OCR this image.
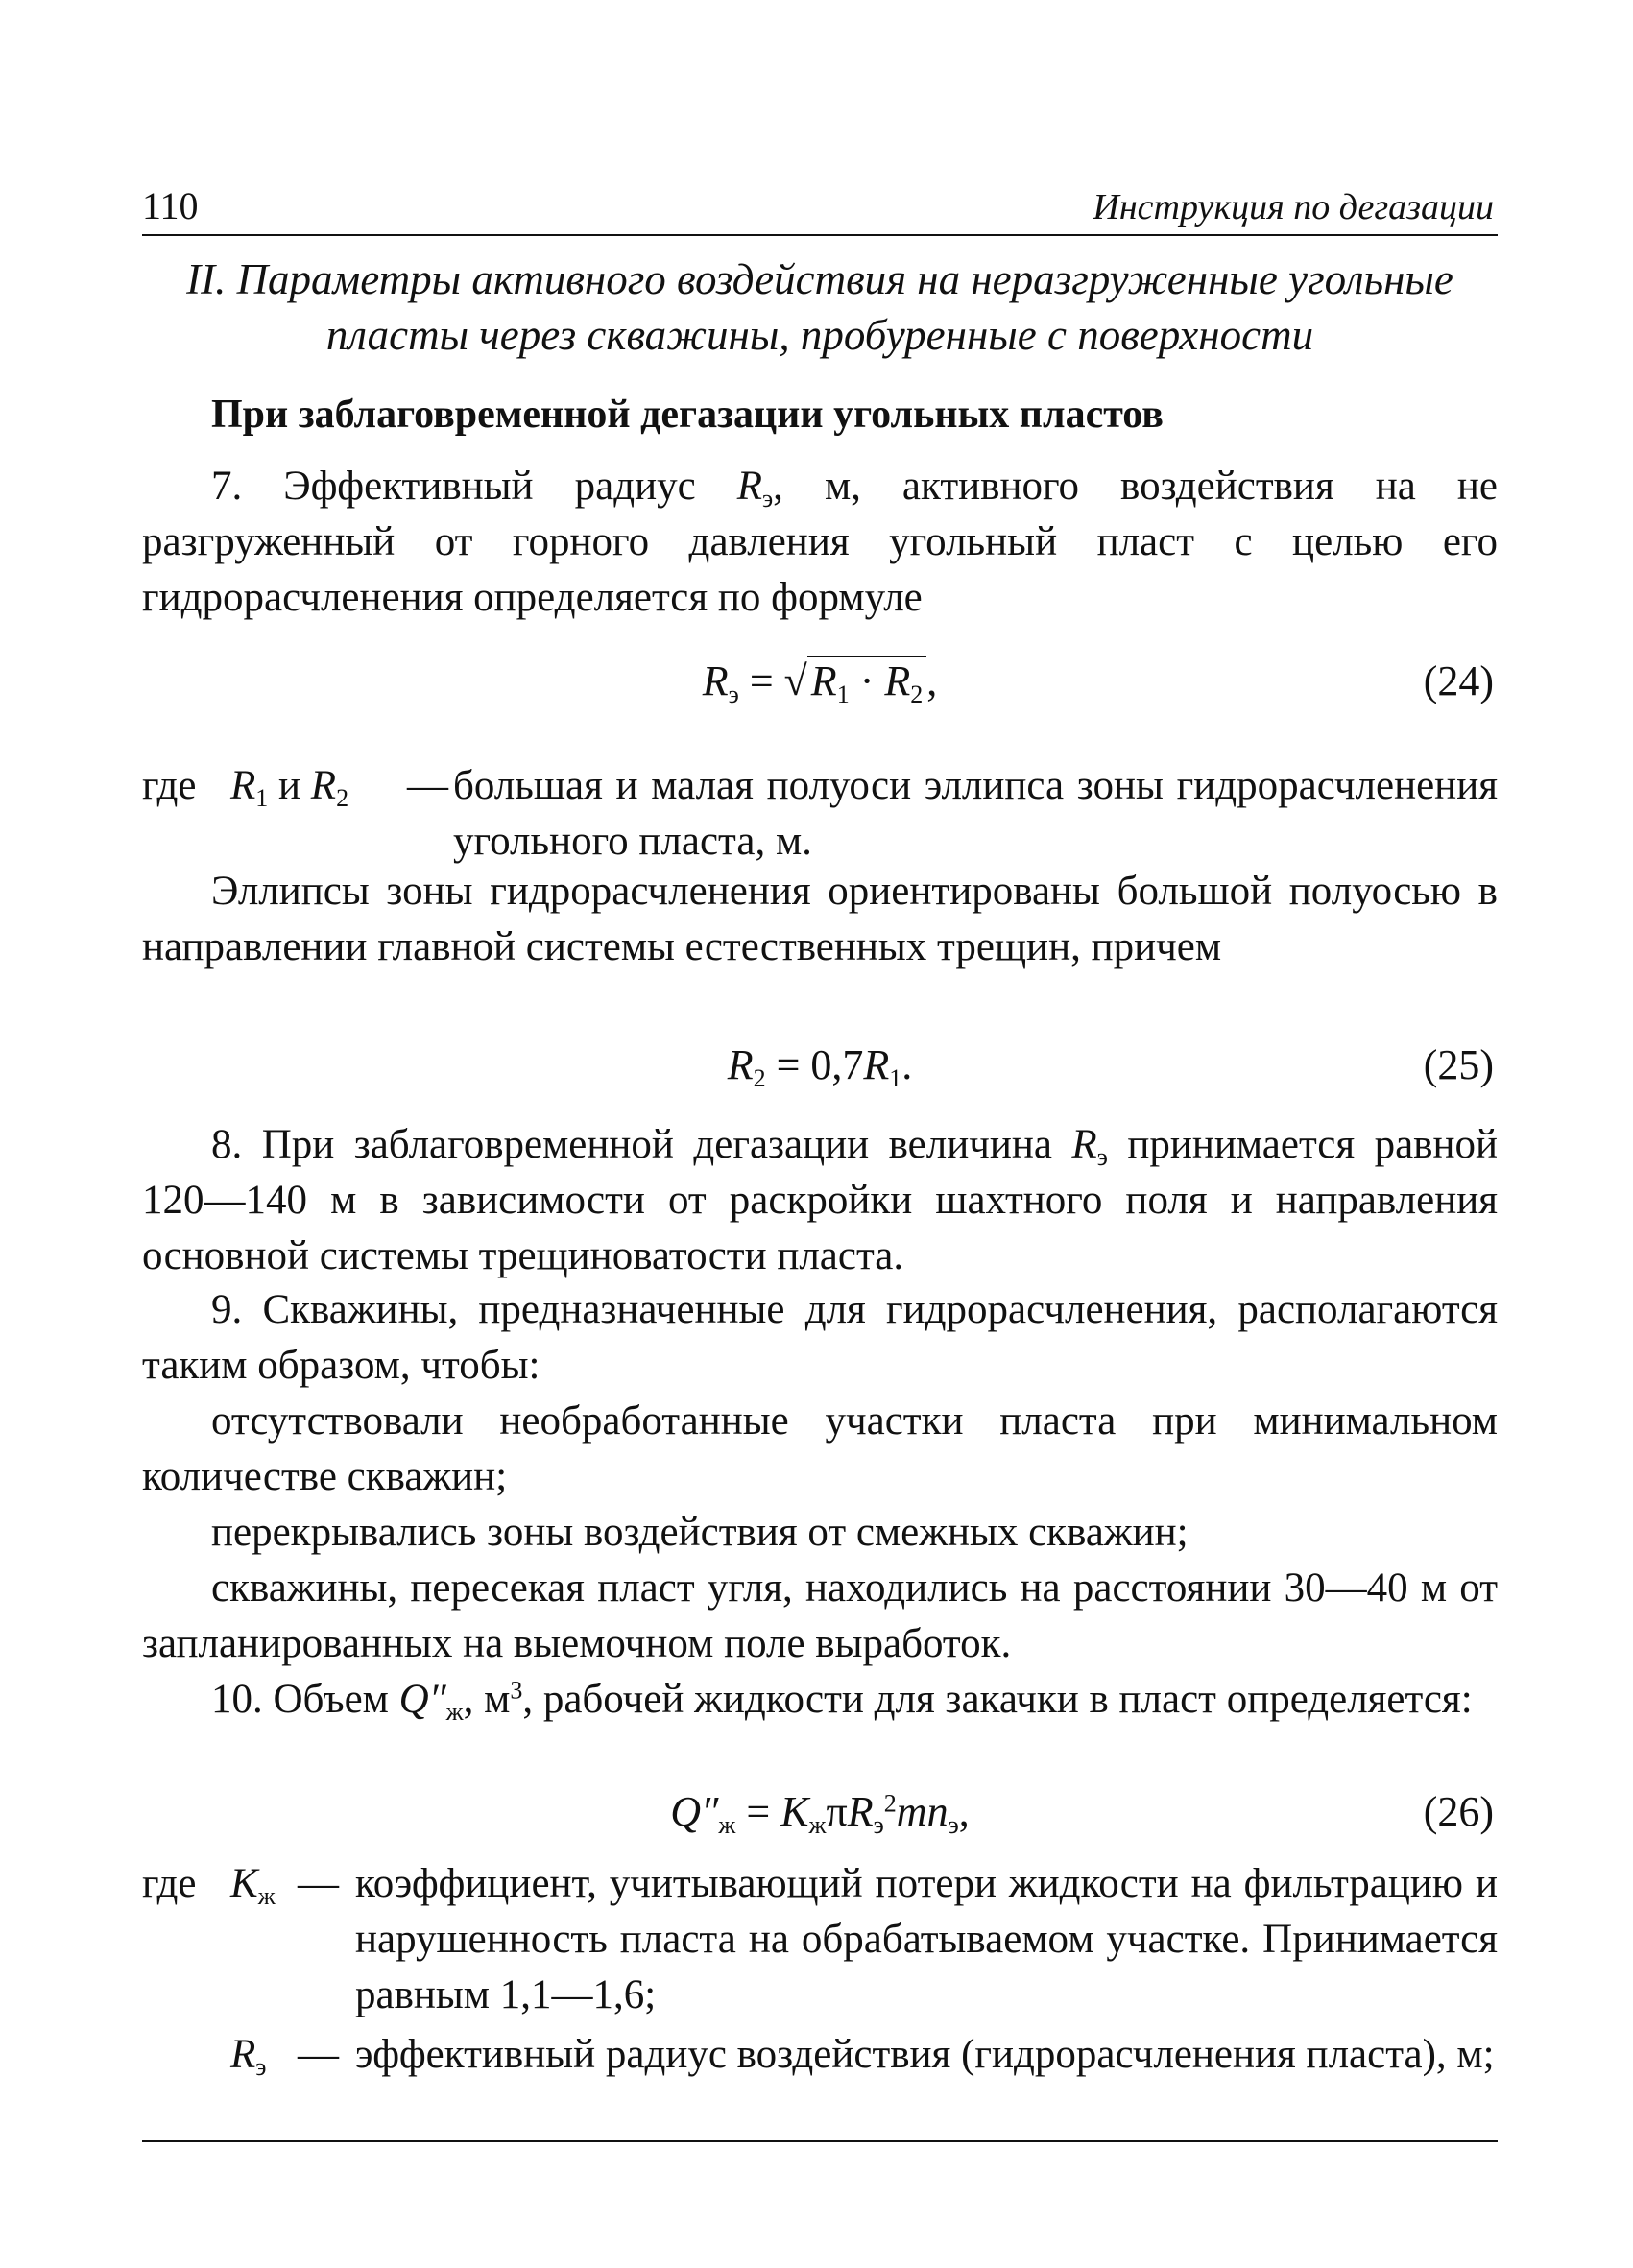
110	Инструкция по дегазации
II. Параметры активного воздействия на неразгруженные угольные
пласты через скважины, пробуренные с поверхности
При заблаговременной дегазации угольных пластов

7. Эффективный радиус $R_э$, м, активного воздействия на не разгруженный от горного давления угольный пласт с целью его гидрорасчленения определяется по формуле

$R_э = √R_1 \cdot R_2$,	(24)
где $R_1$ и $R_2$ — большая и малая полуоси эллипса зоны гидрорасчленения угольного пласта, м.

Эллипсы зоны гидрорасчленения ориентированы большой полуосью в направлении главной системы естественных трещин, причем

$R_2 = 0,7R_1$.	(25)

8. При заблаговременной дегазации величина $R_э$ принимается равной 120—140 м в зависимости от раскройки шахтного поля и направления основной системы трещиноватости пласта.

9. Скважины, предназначенные для гидрорасчленения, располагаются таким образом, чтобы:

отсутствовали необработанные участки пласта при минимальном количестве скважин;

перекрывались зоны воздействия от смежных скважин;

скважины, пересекая пласт угля, находились на расстоянии 30—40 м от запланированных на выемочном поле выработок.

10. Объем $Q''_ж$, $м^3$, рабочей жидкости для закачки в пласт определяется:

$Q''_ж = K_ж\pi R_э^2mn_э$,	(26)
где $K_ж$ — коэффициент, учитывающий потери жидкости на фильтрацию и нарушенность пласта на обрабатываемом участке. Принимается равным 1,1—1,6;
$R_э$ — эффективный радиус воздействия (гидрорасчленения пласта), м;
